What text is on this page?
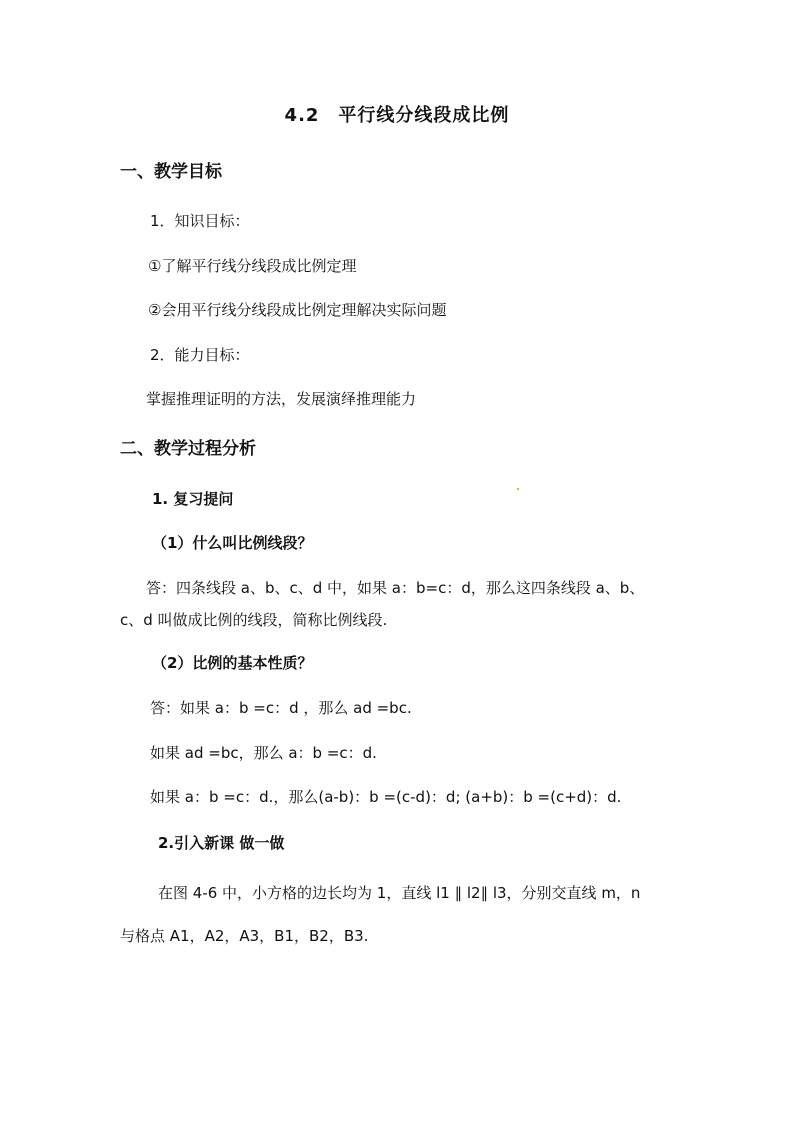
4.2　平行线分线段成比例
一、教学目标
1．知识目标：
①了解平行线分线段成比例定理
②会用平行线分线段成比例定理解决实际问题
2．能力目标：
掌握推理证明的方法，发展演绎推理能力
二、教学过程分析
1. 复习提问
（1）什么叫比例线段？
答：四条线段 a、b、c、d 中，如果 a：b=c：d，那么这四条线段 a、b、
c、d 叫做成比例的线段，简称比例线段.
（2）比例的基本性质？
答：如果 a：b =c：d ，那么 ad =bc.
如果 ad =bc，那么 a：b =c：d.
如果 a：b =c：d.，那么(a-b)：b =(c-d)：d; (a+b)：b =(c+d)：d.
2.引入新课 做一做
在图 4-6 中，小方格的边长均为 1，直线 l1 ∥ l2∥ l3，分别交直线 m，n
与格点 A1，A2，A3，B1，B2，B3.
